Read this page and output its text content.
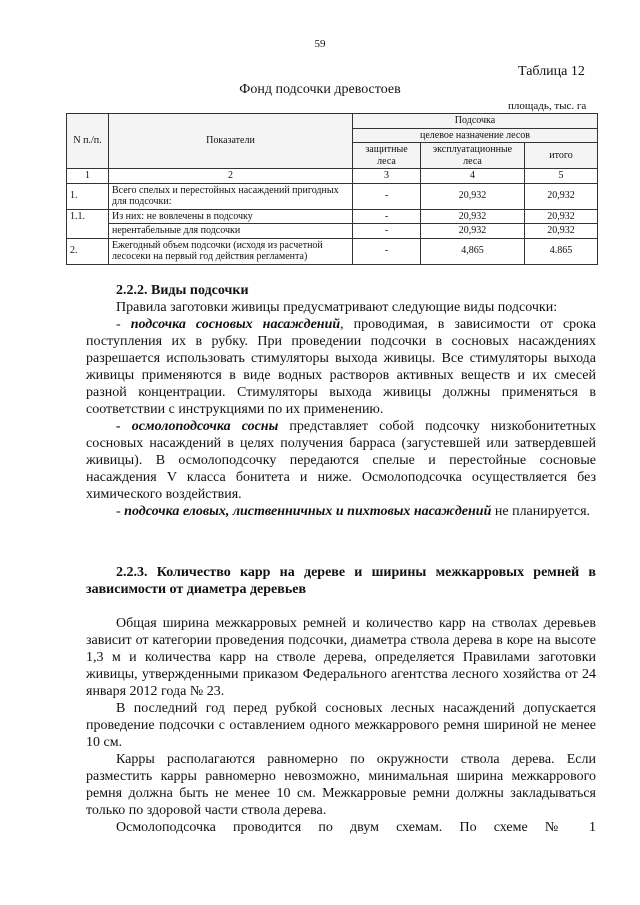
59
Таблица 12
Фонд подсочки древостоев
площадь, тыс. га
N п./п.	Показатели	Подсочка		
		целевое назначение лесов		
		защитные леса	эксплуатационные леса	итого
1	2	3	4	5
1.	Всего спелых и перестойных насаждений пригодных для подсочки:	-	20,932	20,932
1.1.	Из них: не вовлечены в подсочку	-	20,932	20,932
	нерентабельные для подсочки	-	20,932	20,932
2.	Ежегодный объем подсочки (исходя из расчетной лесосеки на первый год действия регламента)	-	4,865	4.865

2.2.2. Виды подсочки

Правила заготовки живицы предусматривают следующие виды подсочки:

- подсочка сосновых насаждений, проводимая, в зависимости от срока поступления их в рубку. При проведении подсочки в сосновых насаждениях разрешается использовать стимуляторы выхода живицы. Все стимуляторы выхода живицы применяются в виде водных растворов активных веществ и их смесей разной концентрации. Стимуляторы выхода живицы должны применяться в соответствии с инструкциями по их применению.

- осмолоподсочка сосны представляет собой подсочку низкобонитетных сосновых насаждений в целях получения барраса (загустевшей или затвердевшей живицы). В осмолоподсочку передаются спелые и перестойные сосновые насаждения V класса бонитета и ниже. Осмолоподсочка осуществляется без химического воздействия.

- подсочка еловых, лиственничных и пихтовых насаждений не планируется.

2.2.3. Количество карр на дереве и ширины межкарровых ремней в зависимости от диаметра деревьев

Общая ширина межкарровых ремней и количество карр на стволах деревьев зависит от категории проведения подсочки, диаметра ствола дерева в коре на высоте 1,3 м и количества карр на стволе дерева, определяется Правилами заготовки живицы, утвержденными приказом Федерального агентства лесного хозяйства от 24 января 2012 года № 23.

В последний год перед рубкой сосновых лесных насаждений допускается проведение подсочки с оставлением одного межкаррового ремня шириной не менее 10 см.

Карры располагаются равномерно по окружности ствола дерева. Если разместить карры равномерно невозможно, минимальная ширина межкаррового ремня должна быть не менее 10 см. Межкарровые ремни должны закладываться только по здоровой части ствола дерева.

Осмолоподсочка проводится по двум схемам. По схеме № 1
